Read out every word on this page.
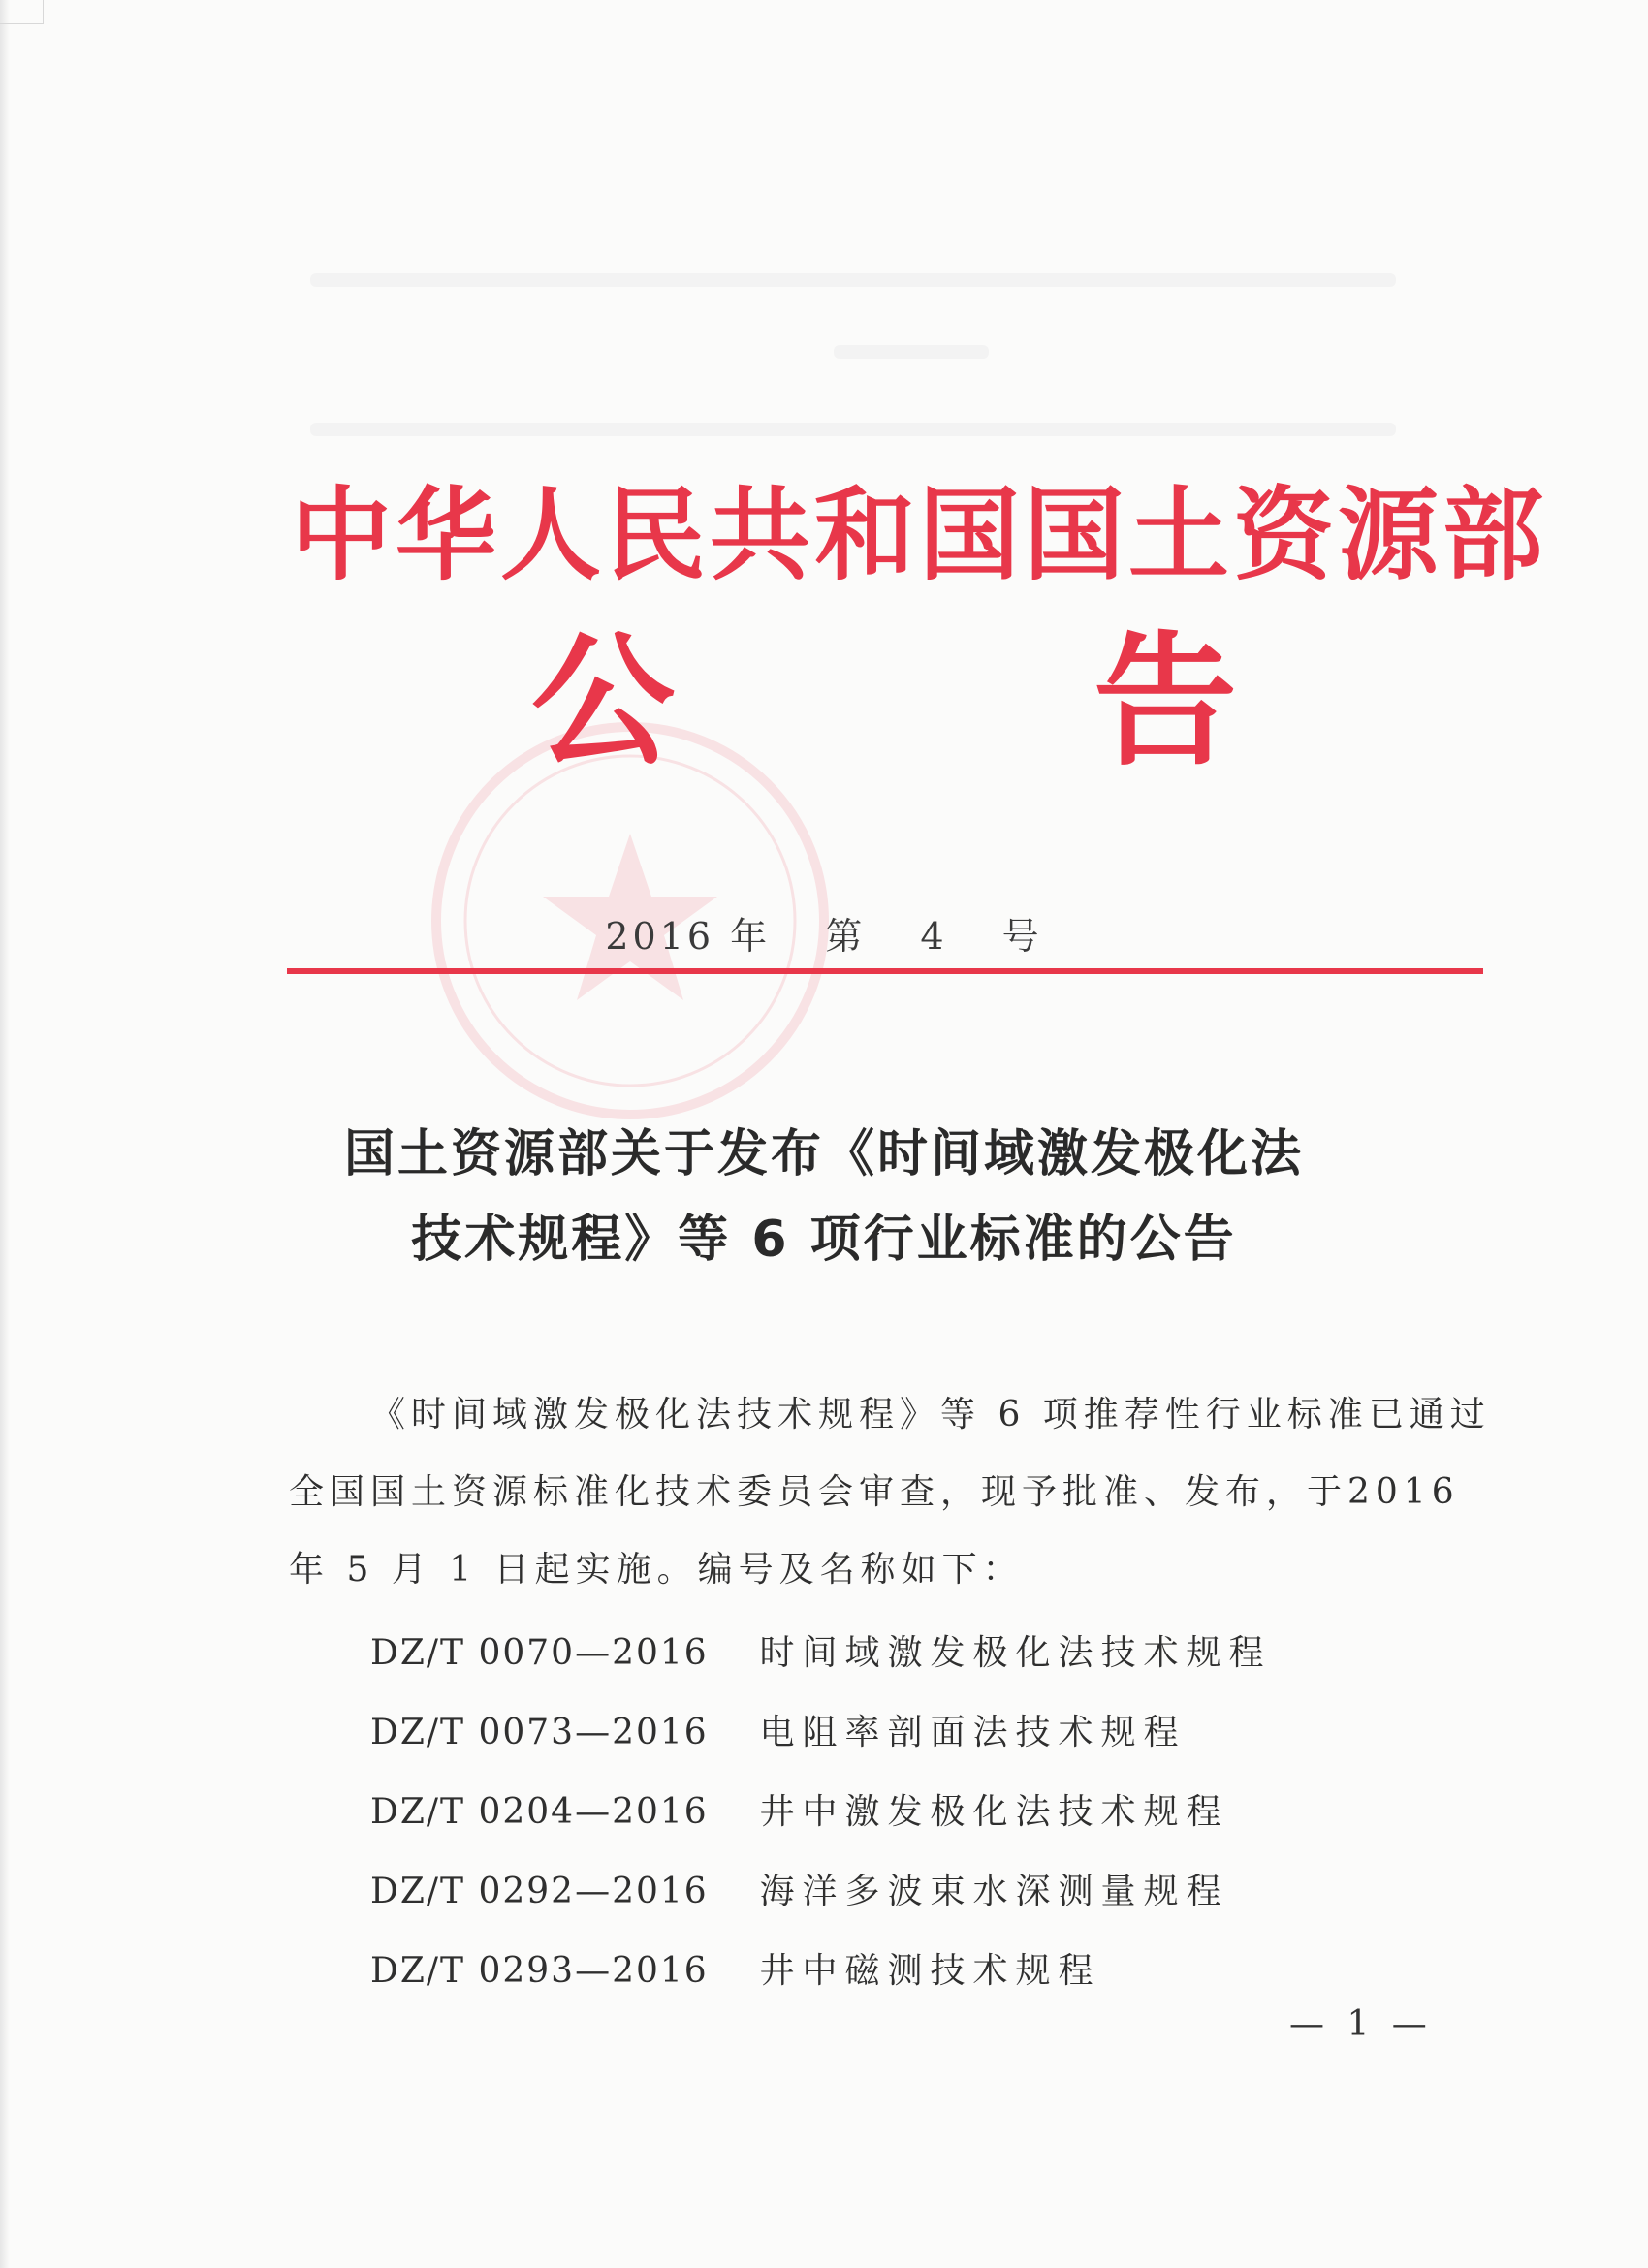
中华人民共和国国土资源部
公	告
2016 年 第 4 号
国土资源部关于发布《时间域激发极化法
技术规程》等 6 项行业标准的公告

《时间域激发极化法技术规程》等 6 项推荐性行业标准已通过全国国土资源标准化技术委员会审查，现予批准、发布，于2016 年 5 月 1 日起实施。编号及名称如下：

DZ/T 0070—2016 时间域激发极化法技术规程
DZ/T 0073—2016 电阻率剖面法技术规程
DZ/T 0204—2016 井中激发极化法技术规程
DZ/T 0292—2016 海洋多波束水深测量规程
DZ/T 0293—2016 井中磁测技术规程
— 1 —
